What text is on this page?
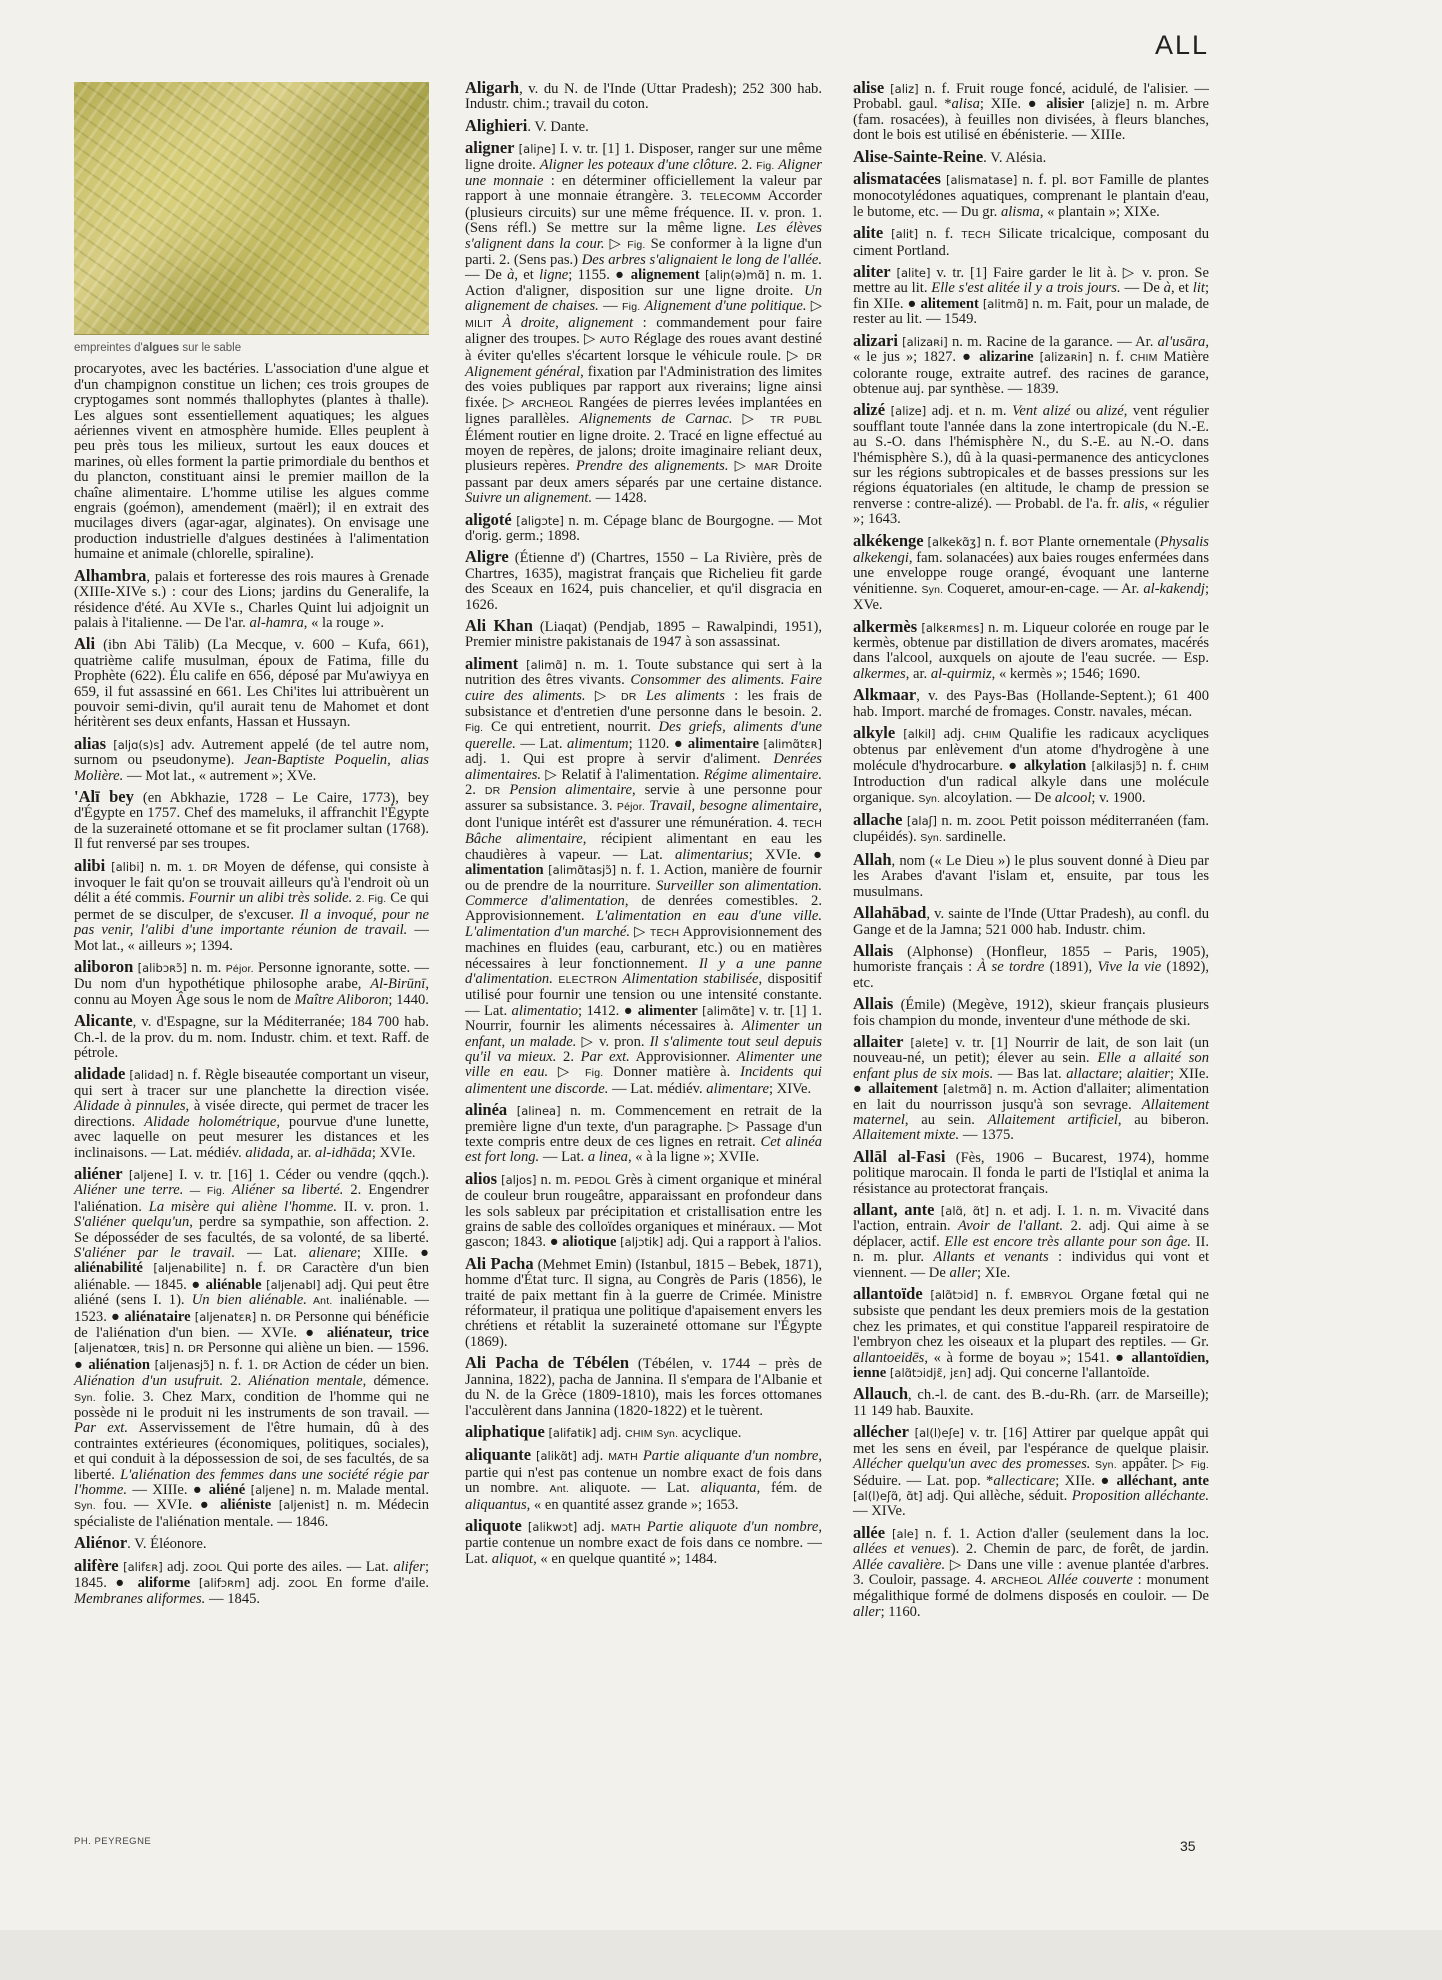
ALL
empreintes d'algues sur le sable

procaryotes, avec les bactéries. L'association d'une algue et d'un champignon constitue un lichen; ces trois groupes de cryptogames sont nommés thallophytes (plantes à thalle). Les algues sont essentiellement aquatiques; les algues aériennes vivent en atmosphère humide. Elles peuplent à peu près tous les milieux, surtout les eaux douces et marines, où elles forment la partie primordiale du benthos et du plancton, constituant ainsi le premier maillon de la chaîne alimentaire. L'homme utilise les algues comme engrais (goémon), amendement (maërl); il en extrait des mucilages divers (agar-agar, alginates). On envisage une production industrielle d'algues destinées à l'alimentation humaine et animale (chlorelle, spiraline).

Alhambra, palais et forteresse des rois maures à Grenade (XIIIe-XIVe s.) : cour des Lions; jardins du Generalife, la résidence d'été. Au XVIe s., Charles Quint lui adjoignit un palais à l'italienne. — De l'ar. al-hamra, « la rouge ».

Ali (ibn Abi Tālib) (La Mecque, v. 600 – Kufa, 661), quatrième calife musulman, époux de Fatima, fille du Prophète (622). Élu calife en 656, déposé par Mu'awiyya en 659, il fut assassiné en 661. Les Chi'ites lui attribuèrent un pouvoir semi-divin, qu'il aurait tenu de Mahomet et dont héritèrent ses deux enfants, Hassan et Hussayn.

alias [aljɑ(s)s] adv. Autrement appelé (de tel autre nom, surnom ou pseudonyme). Jean-Baptiste Poquelin, alias Molière. — Mot lat., « autrement »; XVe.

'Alī bey (en Abkhazie, 1728 – Le Caire, 1773), bey d'Égypte en 1757. Chef des mameluks, il affranchit l'Égypte de la suzeraineté ottomane et se fit proclamer sultan (1768). Il fut renversé par ses troupes.

alibi [alibi] n. m. 1. DR Moyen de défense, qui consiste à invoquer le fait qu'on se trouvait ailleurs qu'à l'endroit où un délit a été commis. Fournir un alibi très solide. 2. Fig. Ce qui permet de se disculper, de s'excuser. Il a invoqué, pour ne pas venir, l'alibi d'une importante réunion de travail. — Mot lat., « ailleurs »; 1394.

aliboron [alibɔʀɔ̃] n. m. Péjor. Personne ignorante, sotte. — Du nom d'un hypothétique philosophe arabe, Al-Birūnī, connu au Moyen Âge sous le nom de Maître Aliboron; 1440.

Alicante, v. d'Espagne, sur la Méditerranée; 184 700 hab. Ch.-l. de la prov. du m. nom. Industr. chim. et text. Raff. de pétrole.

alidade [alidad] n. f. Règle biseautée comportant un viseur, qui sert à tracer sur une planchette la direction visée. Alidade à pinnules, à visée directe, qui permet de tracer les directions. Alidade holométrique, pourvue d'une lunette, avec laquelle on peut mesurer les distances et les inclinaisons. — Lat. médiév. alidada, ar. al-idhāda; XVIe.

aliéner [aljene] I. v. tr. [16] 1. Céder ou vendre (qqch.). Aliéner une terre. — Fig. Aliéner sa liberté. 2. Engendrer l'aliénation. La misère qui aliène l'homme. II. v. pron. 1. S'aliéner quelqu'un, perdre sa sympathie, son affection. 2. Se déposséder de ses facultés, de sa volonté, de sa liberté. S'aliéner par le travail. — Lat. alienare; XIIIe. ● aliénabilité [aljenabilite] n. f. DR Caractère d'un bien aliénable. — 1845. ● aliénable [aljenabl] adj. Qui peut être aliéné (sens I. 1). Un bien aliénable. Ant. inaliénable. — 1523. ● aliénataire [aljenatɛʀ] n. DR Personne qui bénéficie de l'aliénation d'un bien. — XVIe. ● aliénateur, trice [aljenatœʀ, tʀis] n. DR Personne qui aliène un bien. — 1596. ● aliénation [aljenasjɔ̃] n. f. 1. DR Action de céder un bien. Aliénation d'un usufruit. 2. Aliénation mentale, démence. Syn. folie. 3. Chez Marx, condition de l'homme qui ne possède ni le produit ni les instruments de son travail. — Par ext. Asservissement de l'être humain, dû à des contraintes extérieures (économiques, politiques, sociales), et qui conduit à la dépossession de soi, de ses facultés, de sa liberté. L'aliénation des femmes dans une société régie par l'homme. — XIIIe. ● aliéné [aljene] n. m. Malade mental. Syn. fou. — XVIe. ● aliéniste [aljenist] n. m. Médecin spécialiste de l'aliénation mentale. — 1846.

Aliénor. V. Éléonore.

alifère [alifɛʀ] adj. ZOOL Qui porte des ailes. — Lat. alifer; 1845. ● aliforme [alifɔʀm] adj. ZOOL En forme d'aile. Membranes aliformes. — 1845.

Aligarh, v. du N. de l'Inde (Uttar Pradesh); 252 300 hab. Industr. chim.; travail du coton.

Alighieri. V. Dante.

aligner [aliɲe] I. v. tr. [1] 1. Disposer, ranger sur une même ligne droite. Aligner les poteaux d'une clôture. 2. Fig. Aligner une monnaie : en déterminer officiellement la valeur par rapport à une monnaie étrangère. 3. TELECOMM Accorder (plusieurs circuits) sur une même fréquence. II. v. pron. 1. (Sens réfl.) Se mettre sur la même ligne. Les élèves s'alignent dans la cour. ▷ Fig. Se conformer à la ligne d'un parti. 2. (Sens pas.) Des arbres s'alignaient le long de l'allée. — De à, et ligne; 1155. ● alignement [aliɲ(ə)mɑ̃] n. m. 1. Action d'aligner, disposition sur une ligne droite. Un alignement de chaises. — Fig. Alignement d'une politique. ▷ MILIT À droite, alignement : commandement pour faire aligner des troupes. ▷ AUTO Réglage des roues avant destiné à éviter qu'elles s'écartent lorsque le véhicule roule. ▷ DR Alignement général, fixation par l'Administration des limites des voies publiques par rapport aux riverains; ligne ainsi fixée. ▷ ARCHEOL Rangées de pierres levées implantées en lignes parallèles. Alignements de Carnac. ▷ TR PUBL Élément routier en ligne droite. 2. Tracé en ligne effectué au moyen de repères, de jalons; droite imaginaire reliant deux, plusieurs repères. Prendre des alignements. ▷ MAR Droite passant par deux amers séparés par une certaine distance. Suivre un alignement. — 1428.

aligoté [aligɔte] n. m. Cépage blanc de Bourgogne. — Mot d'orig. germ.; 1898.

Aligre (Étienne d') (Chartres, 1550 – La Rivière, près de Chartres, 1635), magistrat français que Richelieu fit garde des Sceaux en 1624, puis chancelier, et qu'il disgracia en 1626.

Ali Khan (Liaqat) (Pendjab, 1895 – Rawalpindi, 1951), Premier ministre pakistanais de 1947 à son assassinat.

aliment [alimɑ̃] n. m. 1. Toute substance qui sert à la nutrition des êtres vivants. Consommer des aliments. Faire cuire des aliments. ▷ DR Les aliments : les frais de subsistance et d'entretien d'une personne dans le besoin. 2. Fig. Ce qui entretient, nourrit. Des griefs, aliments d'une querelle. — Lat. alimentum; 1120. ● alimentaire [alimɑ̃tɛʀ] adj. 1. Qui est propre à servir d'aliment. Denrées alimentaires. ▷ Relatif à l'alimentation. Régime alimentaire. 2. DR Pension alimentaire, servie à une personne pour assurer sa subsistance. 3. Péjor. Travail, besogne alimentaire, dont l'unique intérêt est d'assurer une rémunération. 4. TECH Bâche alimentaire, récipient alimentant en eau les chaudières à vapeur. — Lat. alimentarius; XVIe. ● alimentation [alimɑ̃tasjɔ̃] n. f. 1. Action, manière de fournir ou de prendre de la nourriture. Surveiller son alimentation. Commerce d'alimentation, de denrées comestibles. 2. Approvisionnement. L'alimentation en eau d'une ville. L'alimentation d'un marché. ▷ TECH Approvisionnement des machines en fluides (eau, carburant, etc.) ou en matières nécessaires à leur fonctionnement. Il y a une panne d'alimentation. ELECTRON Alimentation stabilisée, dispositif utilisé pour fournir une tension ou une intensité constante. — Lat. alimentatio; 1412. ● alimenter [alimɑ̃te] v. tr. [1] 1. Nourrir, fournir les aliments nécessaires à. Alimenter un enfant, un malade. ▷ v. pron. Il s'alimente tout seul depuis qu'il va mieux. 2. Par ext. Approvisionner. Alimenter une ville en eau. ▷ Fig. Donner matière à. Incidents qui alimentent une discorde. — Lat. médiév. alimentare; XIVe.

alinéa [alinea] n. m. Commencement en retrait de la première ligne d'un texte, d'un paragraphe. ▷ Passage d'un texte compris entre deux de ces lignes en retrait. Cet alinéa est fort long. — Lat. a linea, « à la ligne »; XVIIe.

alios [aljos] n. m. PEDOL Grès à ciment organique et minéral de couleur brun rougeâtre, apparaissant en profondeur dans les sols sableux par précipitation et cristallisation entre les grains de sable des colloïdes organiques et minéraux. — Mot gascon; 1843. ● aliotique [aljɔtik] adj. Qui a rapport à l'alios.

Ali Pacha (Mehmet Emin) (Istanbul, 1815 – Bebek, 1871), homme d'État turc. Il signa, au Congrès de Paris (1856), le traité de paix mettant fin à la guerre de Crimée. Ministre réformateur, il pratiqua une politique d'apaisement envers les chrétiens et rétablit la suzeraineté ottomane sur l'Égypte (1869).

Ali Pacha de Tébélen (Tébélen, v. 1744 – près de Jannina, 1822), pacha de Jannina. Il s'empara de l'Albanie et du N. de la Grèce (1809-1810), mais les forces ottomanes l'acculèrent dans Jannina (1820-1822) et le tuèrent.

aliphatique [alifatik] adj. CHIM Syn. acyclique.

aliquante [alikɑ̃t] adj. MATH Partie aliquante d'un nombre, partie qui n'est pas contenue un nombre exact de fois dans un nombre. Ant. aliquote. — Lat. aliquanta, fém. de aliquantus, « en quantité assez grande »; 1653.

aliquote [alikwɔt] adj. MATH Partie aliquote d'un nombre, partie contenue un nombre exact de fois dans ce nombre. — Lat. aliquot, « en quelque quantité »; 1484.

alise [aliz] n. f. Fruit rouge foncé, acidulé, de l'alisier. — Probabl. gaul. *alisa; XIIe. ● alisier [alizje] n. m. Arbre (fam. rosacées), à feuilles non divisées, à fleurs blanches, dont le bois est utilisé en ébénisterie. — XIIIe.

Alise-Sainte-Reine. V. Alésia.

alismatacées [alismatase] n. f. pl. BOT Famille de plantes monocotylédones aquatiques, comprenant le plantain d'eau, le butome, etc. — Du gr. alisma, « plantain »; XIXe.

alite [alit] n. f. TECH Silicate tricalcique, composant du ciment Portland.

aliter [alite] v. tr. [1] Faire garder le lit à. ▷ v. pron. Se mettre au lit. Elle s'est alitée il y a trois jours. — De à, et lit; fin XIIe. ● alitement [alitmɑ̃] n. m. Fait, pour un malade, de rester au lit. — 1549.

alizari [alizaʀi] n. m. Racine de la garance. — Ar. al'usāra, « le jus »; 1827. ● alizarine [alizaʀin] n. f. CHIM Matière colorante rouge, extraite autref. des racines de garance, obtenue auj. par synthèse. — 1839.

alizé [alize] adj. et n. m. Vent alizé ou alizé, vent régulier soufflant toute l'année dans la zone intertropicale (du N.-E. au S.-O. dans l'hémisphère N., du S.-E. au N.-O. dans l'hémisphère S.), dû à la quasi-permanence des anticyclones sur les régions subtropicales et de basses pressions sur les régions équatoriales (en altitude, le champ de pression se renverse : contre-alizé). — Probabl. de l'a. fr. alis, « régulier »; 1643.

alkékenge [alkekɑ̃ʒ] n. f. BOT Plante ornementale (Physalis alkekengi, fam. solanacées) aux baies rouges enfermées dans une enveloppe rouge orangé, évoquant une lanterne vénitienne. Syn. Coqueret, amour-en-cage. — Ar. al-kakendj; XVe.

alkermès [alkɛʀmɛs] n. m. Liqueur colorée en rouge par le kermès, obtenue par distillation de divers aromates, macérés dans l'alcool, auxquels on ajoute de l'eau sucrée. — Esp. alkermes, ar. al-quirmiz, « kermès »; 1546; 1690.

Alkmaar, v. des Pays-Bas (Hollande-Septent.); 61 400 hab. Import. marché de fromages. Constr. navales, mécan.

alkyle [alkil] adj. CHIM Qualifie les radicaux acycliques obtenus par enlèvement d'un atome d'hydrogène à une molécule d'hydrocarbure. ● alkylation [alkilasjɔ̃] n. f. CHIM Introduction d'un radical alkyle dans une molécule organique. Syn. alcoylation. — De alcool; v. 1900.

allache [alaʃ] n. m. ZOOL Petit poisson méditerranéen (fam. clupéidés). Syn. sardinelle.

Allah, nom (« Le Dieu ») le plus souvent donné à Dieu par les Arabes d'avant l'islam et, ensuite, par tous les musulmans.

Allahābad, v. sainte de l'Inde (Uttar Pradesh), au confl. du Gange et de la Jamna; 521 000 hab. Industr. chim.

Allais (Alphonse) (Honfleur, 1855 – Paris, 1905), humoriste français : À se tordre (1891), Vive la vie (1892), etc.

Allais (Émile) (Megève, 1912), skieur français plusieurs fois champion du monde, inventeur d'une méthode de ski.

allaiter [alete] v. tr. [1] Nourrir de lait, de son lait (un nouveau-né, un petit); élever au sein. Elle a allaité son enfant plus de six mois. — Bas lat. allactare; alaitier; XIIe. ● allaitement [alɛtmɑ̃] n. m. Action d'allaiter; alimentation en lait du nourrisson jusqu'à son sevrage. Allaitement maternel, au sein. Allaitement artificiel, au biberon. Allaitement mixte. — 1375.

Allāl al-Fasi (Fès, 1906 – Bucarest, 1974), homme politique marocain. Il fonda le parti de l'Istiqlal et anima la résistance au protectorat français.

allant, ante [alɑ̃, ɑ̃t] n. et adj. I. 1. n. m. Vivacité dans l'action, entrain. Avoir de l'allant. 2. adj. Qui aime à se déplacer, actif. Elle est encore très allante pour son âge. II. n. m. plur. Allants et venants : individus qui vont et viennent. — De aller; XIe.

allantoïde [alɑ̃tɔid] n. f. EMBRYOL Organe fœtal qui ne subsiste que pendant les deux premiers mois de la gestation chez les primates, et qui constitue l'appareil respiratoire de l'embryon chez les oiseaux et la plupart des reptiles. — Gr. allantoeidēs, « à forme de boyau »; 1541. ● allantoïdien, ienne [alɑ̃tɔidjɛ̃, jɛn] adj. Qui concerne l'allantoïde.

Allauch, ch.-l. de cant. des B.-du-Rh. (arr. de Marseille); 11 149 hab. Bauxite.

allécher [al(l)eʃe] v. tr. [16] Attirer par quelque appât qui met les sens en éveil, par l'espérance de quelque plaisir. Allécher quelqu'un avec des promesses. Syn. appâter. ▷ Fig. Séduire. — Lat. pop. *allecticare; XIIe. ● alléchant, ante [al(l)eʃɑ̃, ɑ̃t] adj. Qui allèche, séduit. Proposition alléchante. — XIVe.

allée [ale] n. f. 1. Action d'aller (seulement dans la loc. allées et venues). 2. Chemin de parc, de forêt, de jardin. Allée cavalière. ▷ Dans une ville : avenue plantée d'arbres. 3. Couloir, passage. 4. ARCHEOL Allée couverte : monument mégalithique formé de dolmens disposés en couloir. — De aller; 1160.

PH. PEYREGNE	35
